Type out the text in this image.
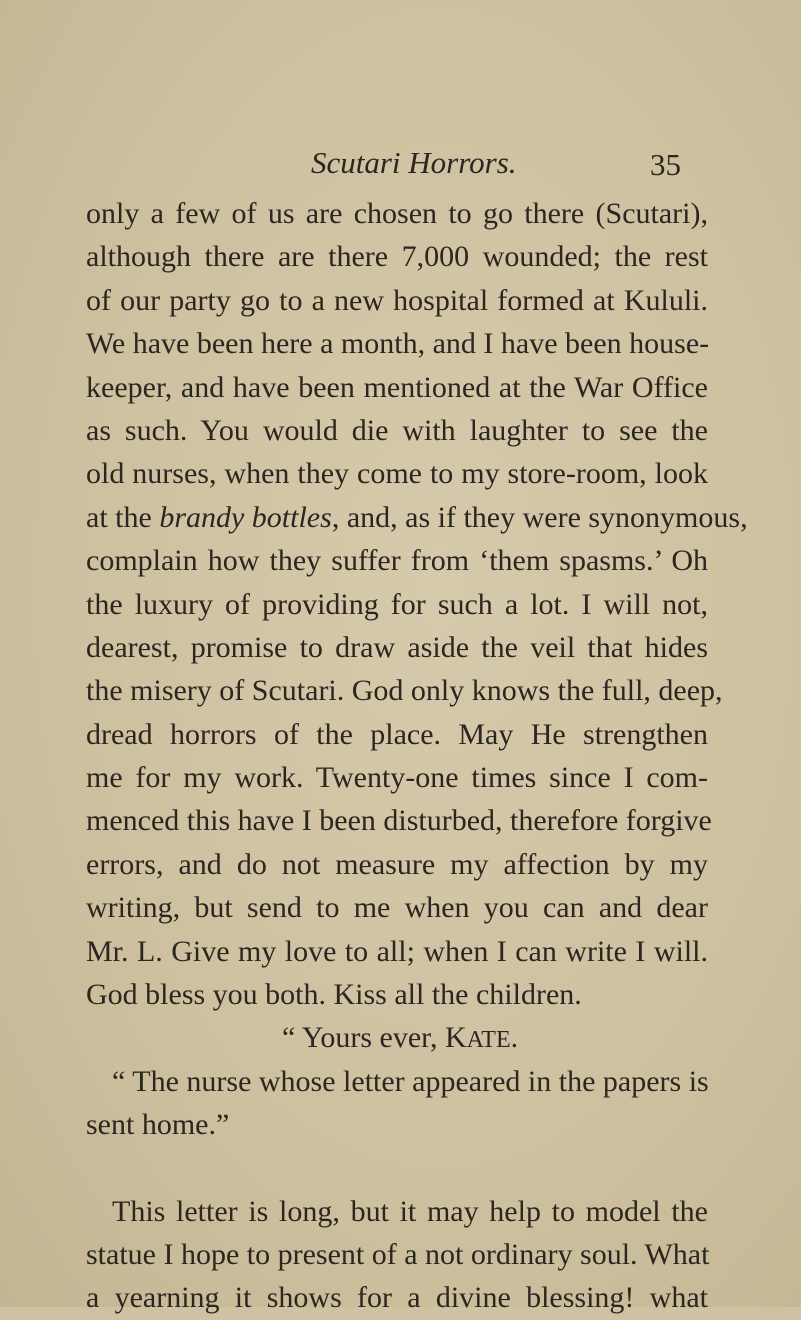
Scutari Horrors.	35
only a few of us are chosen to go there (Scutari),
although there are there 7,000 wounded; the rest
of our party go to a new hospital formed at Kululi.
We have been here a month, and I have been house-
keeper, and have been mentioned at the War Office
as such. You would die with laughter to see the
old nurses, when they come to my store-room, look
at the brandy bottles, and, as if they were synonymous,
complain how they suffer from ‘them spasms.’ Oh
the luxury of providing for such a lot. I will not,
dearest, promise to draw aside the veil that hides
the misery of Scutari. God only knows the full, deep,
dread horrors of the place. May He strengthen
me for my work. Twenty-one times since I com-
menced this have I been disturbed, therefore forgive
errors, and do not measure my affection by my
writing, but send to me when you can and dear
Mr. L. Give my love to all; when I can write I will.
God bless you both. Kiss all the children.
“ Yours ever, KATE.
“ The nurse whose letter appeared in the papers is
sent home.”
This letter is long, but it may help to model the
statue I hope to present of a not ordinary soul. What
a yearning it shows for a divine blessing! what
